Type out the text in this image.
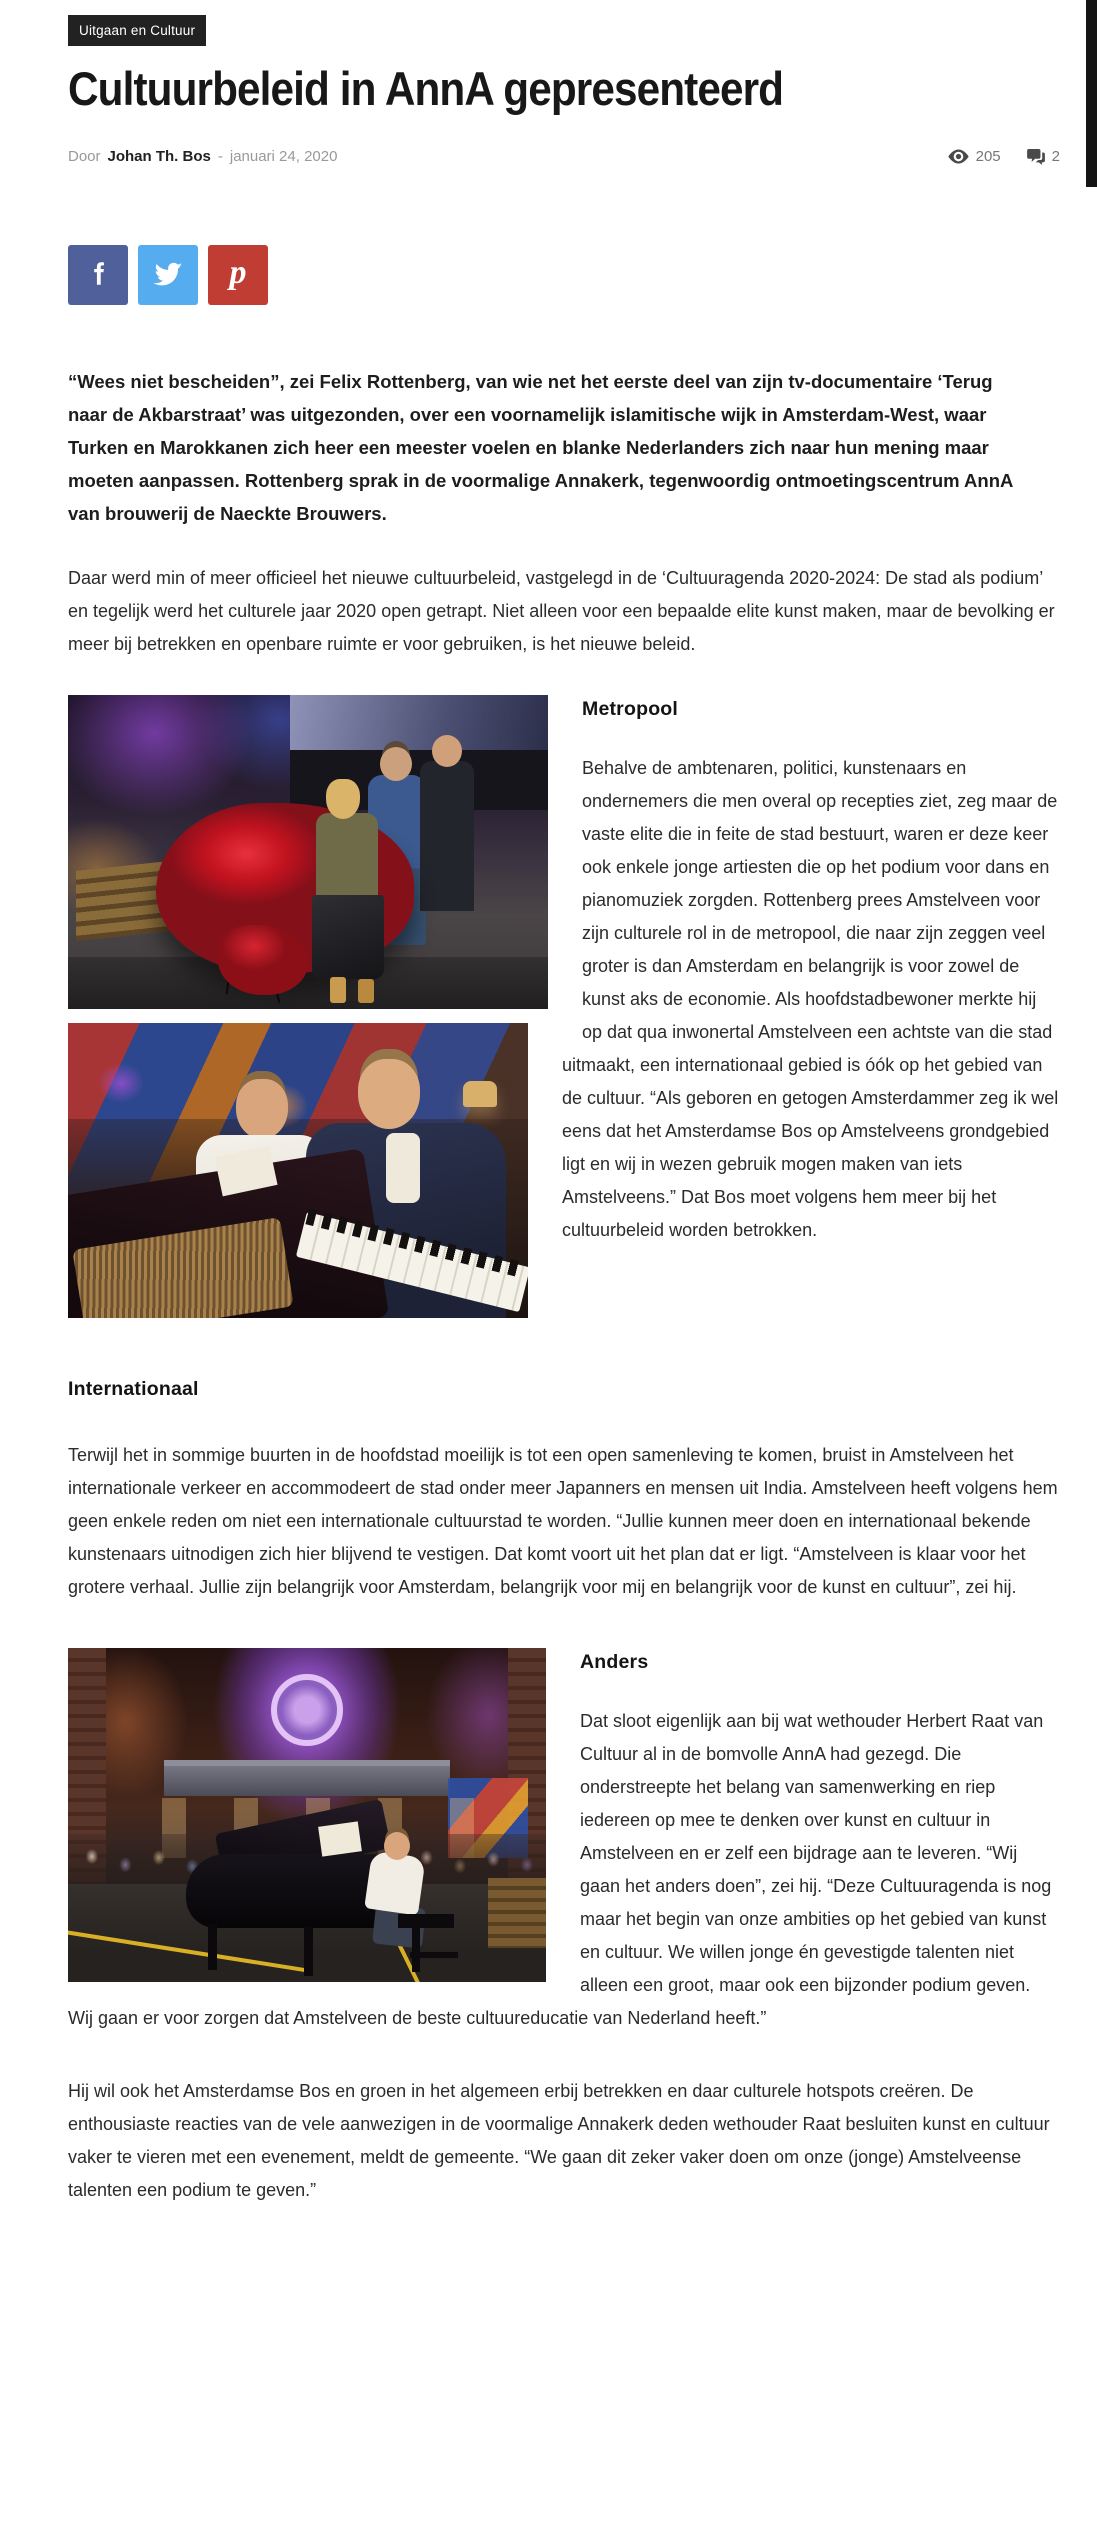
Uitgaan en Cultuur
Cultuurbeleid in AnnA gepresenteerd
Door Johan Th. Bos - januari 24, 2020	205	2
p

“Wees niet bescheiden”, zei Felix Rottenberg, van wie net het eerste deel van zijn tv-documentaire ‘Terug naar de Akbarstraat’ was uitgezonden, over een voornamelijk islamitische wijk in Amsterdam-West, waar Turken en Marokkanen zich heer een meester voelen en blanke Nederlanders zich naar hun mening maar moeten aanpassen. Rottenberg sprak in de voormalige Annakerk, tegenwoordig ontmoetingscentrum AnnA van brouwerij de Naeckte Brouwers.

Daar werd min of meer officieel het nieuwe cultuurbeleid, vastgelegd in de ‘Cultuuragenda 2020-2024: De stad als podium’ en tegelijk werd het culturele jaar 2020 open getrapt. Niet alleen voor een bepaalde elite kunst maken, maar de bevolking er meer bij betrekken en openbare ruimte er voor gebruiken, is het nieuwe beleid.

Metropool

Behalve de ambtenaren, politici, kunstenaars en ondernemers die men overal op recepties ziet, zeg maar de vaste elite die in feite de stad bestuurt, waren er deze keer ook enkele jonge artiesten die op het podium voor dans en pianomuziek zorgden. Rottenberg prees Amstelveen voor zijn culturele rol in de metropool, die naar zijn zeggen veel groter is dan Amsterdam en belangrijk is voor zowel de kunst aks de economie. Als hoofdstadbewoner merkte hij op dat qua inwonertal Amstelveen een achtste van die stad uitmaakt, een internationaal gebied is óók op het gebied van de cultuur. “Als geboren en getogen Amsterdammer zeg ik wel eens dat het Amsterdamse Bos op Amstelveens grondgebied ligt en wij in wezen gebruik mogen maken van iets Amstelveens.” Dat Bos moet volgens hem meer bij het cultuurbeleid worden betrokken.

Internationaal

Terwijl het in sommige buurten in de hoofdstad moeilijk is tot een open samenleving te komen, bruist in Amstelveen het internationale verkeer en accommodeert de stad onder meer Japanners en mensen uit India. Amstelveen heeft volgens hem geen enkele reden om niet een internationale cultuurstad te worden. “Jullie kunnen meer doen en internationaal bekende kunstenaars uitnodigen zich hier blijvend te vestigen. Dat komt voort uit het plan dat er ligt. “Amstelveen is klaar voor het grotere verhaal. Jullie zijn belangrijk voor Amsterdam, belangrijk voor mij en belangrijk voor de kunst en cultuur”, zei hij.

Anders

Dat sloot eigenlijk aan bij wat wethouder Herbert Raat van Cultuur al in de bomvolle AnnA had gezegd. Die onderstreepte het belang van samenwerking en riep iedereen op mee te denken over kunst en cultuur in Amstelveen en er zelf een bijdrage aan te leveren. “Wij gaan het anders doen”, zei hij. “Deze Cultuuragenda is nog maar het begin van onze ambities op het gebied van kunst en cultuur. We willen jonge én gevestigde talenten niet alleen een groot, maar ook een bijzonder podium geven. Wij gaan er voor zorgen dat Amstelveen de beste cultuureducatie van Nederland heeft.”

Hij wil ook het Amsterdamse Bos en groen in het algemeen erbij betrekken en daar culturele hotspots creëren. De enthousiaste reacties van de vele aanwezigen in de voormalige Annakerk deden wethouder Raat besluiten kunst en cultuur vaker te vieren met een evenement, meldt de gemeente. “We gaan dit zeker vaker doen om onze (jonge) Amstelveense talenten een podium te geven.”
